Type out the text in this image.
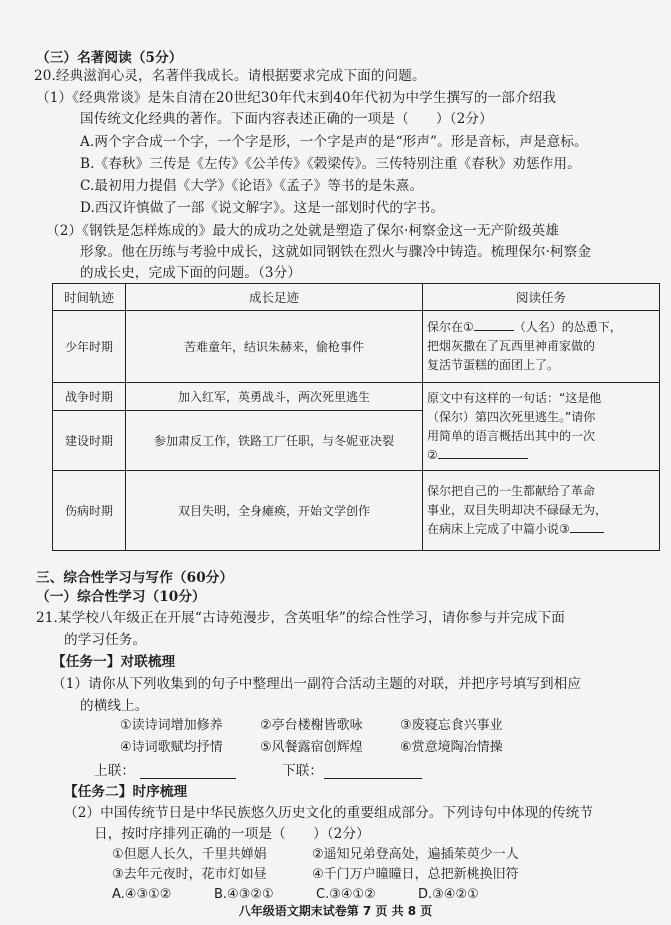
（三）名著阅读（5分）
20.经典滋润心灵，名著伴我成长。请根据要求完成下面的问题。
（1）《经典常谈》是朱自清在20世纪30年代末到40年代初为中学生撰写的一部介绍我
国传统文化经典的著作。下面内容表述正确的一项是（　　）（2分）
A.两个字合成一个字，一个字是形，一个字是声的是“形声”。形是音标，声是意标。
B.《春秋》三传是《左传》《公羊传》《榖梁传》。三传特别注重《春秋》劝惩作用。
C.最初用力提倡《大学》《论语》《孟子》等书的是朱熹。
D.西汉许慎做了一部《说文解字》。这是一部划时代的字书。
（2）《钢铁是怎样炼成的》最大的成功之处就是塑造了保尔·柯察金这一无产阶级英雄
形象。他在历练与考验中成长，这就如同钢铁在烈火与骤冷中铸造。梳理保尔·柯察金
的成长史，完成下面的问题。（3分）
时间轨迹	成长足迹	阅读任务
少年时期	苦难童年，结识朱赫来，偷枪事件	保尔在① （人名）的怂恿下，
把烟灰撒在了瓦西里神甫家做的
复活节蛋糕的面团上了。
战争时期	加入红军，英勇战斗，两次死里逃生	原文中有这样的一句话：“这是他
（保尔）第四次死里逃生。”请你
用简单的语言概括出其中的一次
②
建设时期	参加肃反工作，铁路工厂任职，与冬妮亚决裂	
伤病时期	双目失明，全身瘫痪，开始文学创作	保尔把自己的一生都献给了革命
事业，双目失明却决不碌碌无为，
在病床上完成了中篇小说③
三、综合性学习与写作（60分）
（一）综合性学习（10分）
21.某学校八年级正在开展“古诗苑漫步，含英咀华”的综合性学习，请你参与并完成下面
的学习任务。
【任务一】对联梳理
（1）请你从下列收集到的句子中整理出一副符合活动主题的对联，并把序号填写到相应
的横线上。
①读诗词增加修养	②亭台楼榭皆歌咏	③废寝忘食兴事业
④诗词歌赋均抒情	⑤风餐露宿创辉煌	⑥赏意境陶冶情操
上联：	下联：
【任务二】时序梳理
（2）中国传统节日是中华民族悠久历史文化的重要组成部分。下列诗句中体现的传统节
日，按时序排列正确的一项是（　　）（2分）
①但愿人长久，千里共婵娟	②遥知兄弟登高处，遍插茱萸少一人
③去年元夜时，花市灯如昼	④千门万户曈曈日，总把新桃换旧符
A.④③①②	B.④③②①	C.③④①②	D.③④②①
八年级语文期末试卷第 7 页 共 8 页
